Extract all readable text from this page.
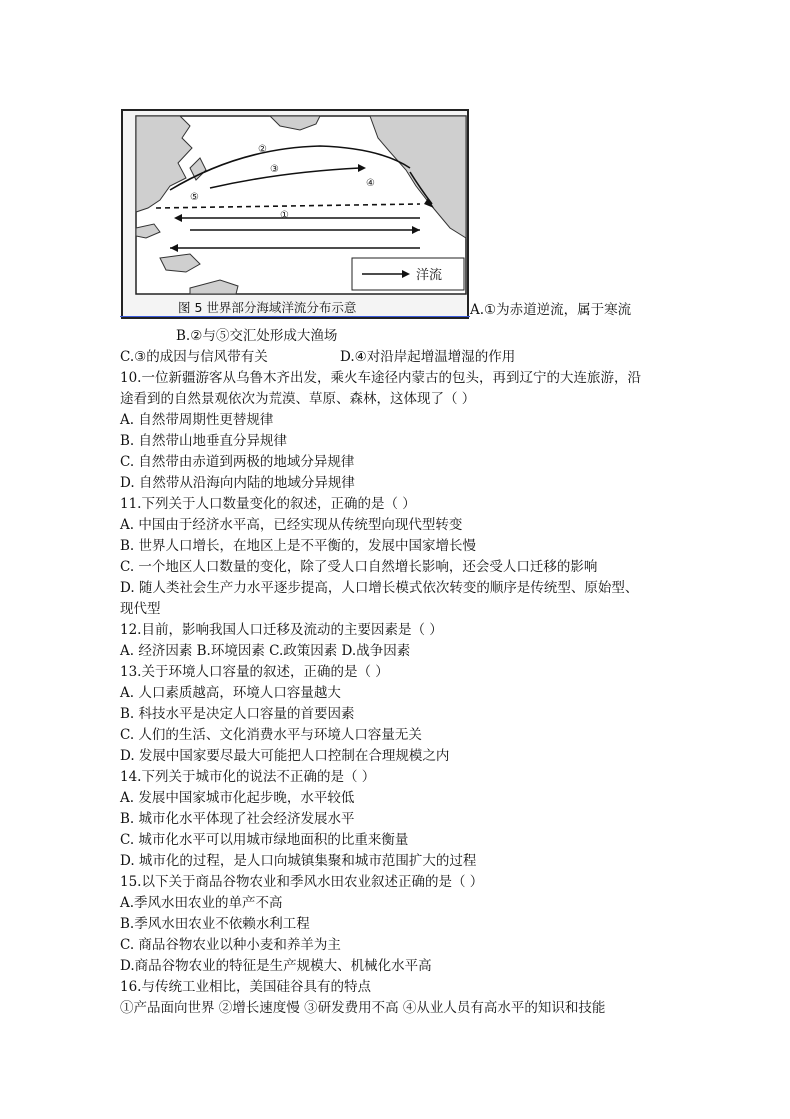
①
②
③
④
⑤
洋流
图 5 世界部分海域洋流分布示意	A.①为赤道逆流，属于寒流
B.②与⑤交汇处形成大渔场
C.③的成因与信风带有关	D.④对沿岸起增温增湿的作用
10.一位新疆游客从乌鲁木齐出发，乘火车途径内蒙古的包头，再到辽宁的大连旅游，沿
途看到的自然景观依次为荒漠、草原、森林，这体现了（ ）
A. 自然带周期性更替规律
B. 自然带山地垂直分异规律
C. 自然带由赤道到两极的地域分异规律
D. 自然带从沿海向内陆的地域分异规律
11.下列关于人口数量变化的叙述，正确的是（ ）
A. 中国由于经济水平高，已经实现从传统型向现代型转变
B. 世界人口增长，在地区上是不平衡的，发展中国家增长慢
C. 一个地区人口数量的变化，除了受人口自然增长影响，还会受人口迁移的影响
D. 随人类社会生产力水平逐步提高，人口增长模式依次转变的顺序是传统型、原始型、
现代型
12.目前，影响我国人口迁移及流动的主要因素是（ ）
A. 经济因素 B.环境因素 C.政策因素 D.战争因素
13.关于环境人口容量的叙述，正确的是（ ）
A. 人口素质越高，环境人口容量越大
B. 科技水平是决定人口容量的首要因素
C. 人们的生活、文化消费水平与环境人口容量无关
D. 发展中国家要尽最大可能把人口控制在合理规模之内
14.下列关于城市化的说法不正确的是（ ）
A. 发展中国家城市化起步晚，水平较低
B. 城市化水平体现了社会经济发展水平
C. 城市化水平可以用城市绿地面积的比重来衡量
D. 城市化的过程，是人口向城镇集聚和城市范围扩大的过程
15.以下关于商品谷物农业和季风水田农业叙述正确的是（ ）
A.季风水田农业的单产不高
B.季风水田农业不依赖水利工程
C. 商品谷物农业以种小麦和养羊为主
D.商品谷物农业的特征是生产规模大、机械化水平高
16.与传统工业相比，美国硅谷具有的特点
①产品面向世界 ②增长速度慢 ③研发费用不高 ④从业人员有高水平的知识和技能
